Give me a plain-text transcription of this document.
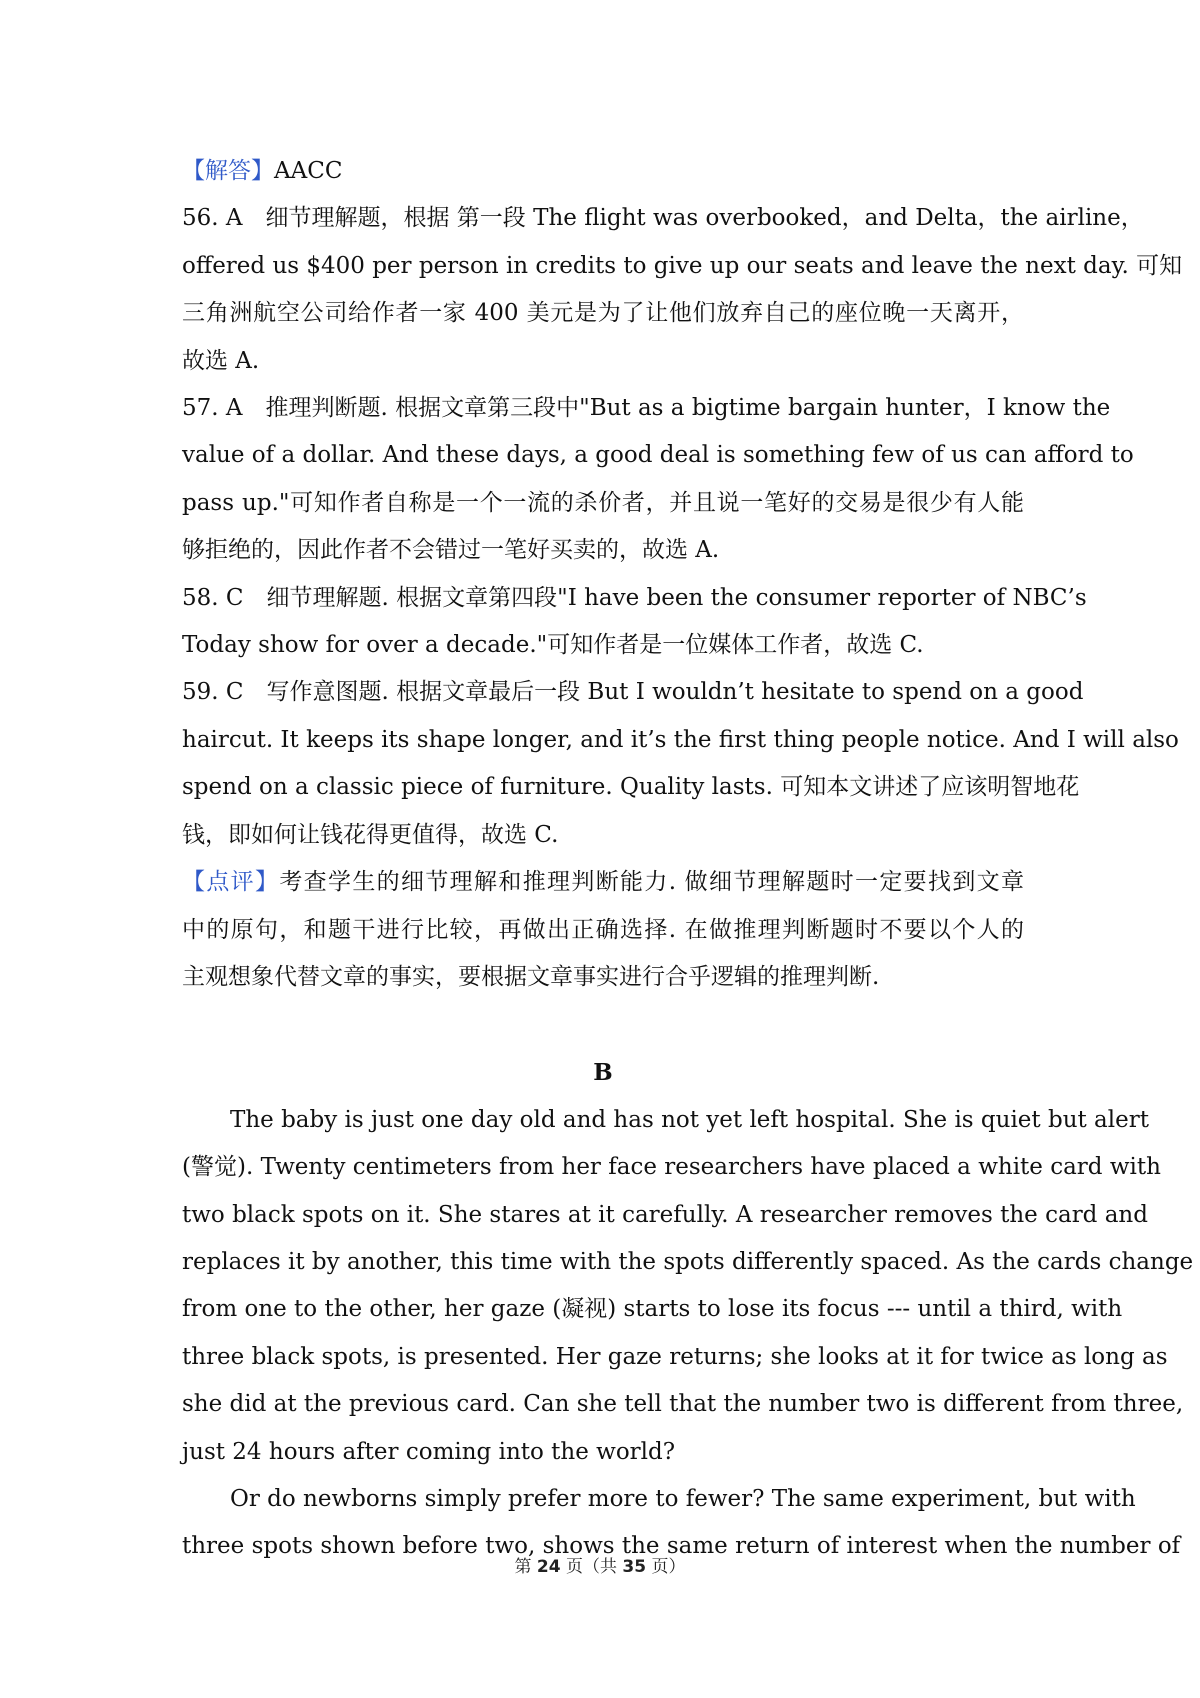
【解答】AACC

56. A　细节理解题，根据 第一段 The flight was overbooked，and Delta，the airline，

offered us $400 per person in credits to give up our seats and leave the next day. 可知

三角洲航空公司给作者一家 400 美元是为了让他们放弃自己的座位晚一天离开，

故选 A.

57. A　推理判断题. 根据文章第三段中"But as a bigtime bargain hunter，I know the

value of a dollar. And these days, a good deal is something few of us can afford to

pass up."可知作者自称是一个一流的杀价者，并且说一笔好的交易是很少有人能

够拒绝的，因此作者不会错过一笔好买卖的，故选 A.

58. C　细节理解题. 根据文章第四段"I have been the consumer reporter of NBC’s

Today show for over a decade."可知作者是一位媒体工作者，故选 C.

59. C　写作意图题. 根据文章最后一段 But I wouldn’t hesitate to spend on a good

haircut. It keeps its shape longer, and it’s the first thing people notice. And I will also

spend on a classic piece of furniture. Quality lasts. 可知本文讲述了应该明智地花

钱，即如何让钱花得更值得，故选 C.

【点评】考查学生的细节理解和推理判断能力. 做细节理解题时一定要找到文章

中的原句，和题干进行比较，再做出正确选择. 在做推理判断题时不要以个人的

主观想象代替文章的事实，要根据文章事实进行合乎逻辑的推理判断.

B

The baby is just one day old and has not yet left hospital. She is quiet but alert

(警觉). Twenty centimeters from her face researchers have placed a white card with

two black spots on it. She stares at it carefully. A researcher removes the card and

replaces it by another, this time with the spots differently spaced. As the cards change

from one to the other, her gaze (凝视) starts to lose its focus --- until a third, with

three black spots, is presented. Her gaze returns; she looks at it for twice as long as

she did at the previous card. Can she tell that the number two is different from three,

just 24 hours after coming into the world?

Or do newborns simply prefer more to fewer? The same experiment, but with

three spots shown before two, shows the same return of interest when the number of

第 24 页（共 35 页）
